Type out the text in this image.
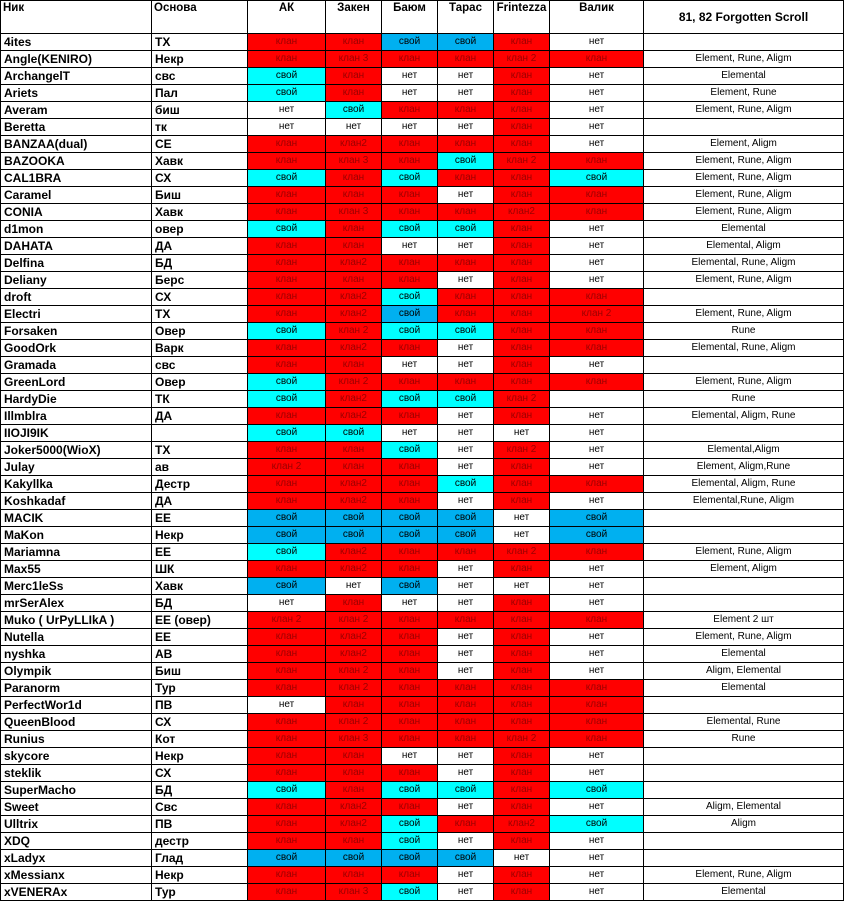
Ник	Основа	АК	Закен	Баюм	Тарас	Frintezza	Валик	81, 82 Forgotten Scroll
4ites	ТХ	клан	клан	свой	свой	клан	нет	
Angle(KENIRO)	Некр	клан	клан 3	клан	клан	клан 2	клан	Element, Rune, Aligm
ArchangelT	свс	свой	клан	нет	нет	клан	нет	Elemental
Ariets	Пал	свой	клан	нет	нет	клан	нет	Element, Rune
Averam	биш	нет	свой	клан	клан	клан	нет	Element, Rune, Aligm
Beretta	тк	нет	нет	нет	нет	клан	нет	
BANZAA(dual)	СЕ	клан	клан2	клан	клан	клан	нет	Element, Aligm
BAZOOKA	Хавк	клан	клан 3	клан	свой	клан 2	клан	Element, Rune, Aligm
CAL1BRA	СХ	свой	клан	свой	клан	клан	свой	Element, Rune, Aligm
Caramel	Биш	клан	клан	клан	нет	клан	клан	Element, Rune, Aligm
CONIA	Хавк	клан	клан 3	клан	клан	клан2	клан	Element, Rune, Aligm
d1mon	овер	свой	клан	свой	свой	клан	нет	Elemental
DAHATA	ДА	клан	клан	нет	нет	клан	нет	Elemental, Aligm
Delfina	БД	клан	клан2	клан	клан	клан	нет	Elemental, Rune, Aligm
Deliany	Берс	клан	клан	клан	нет	клан	нет	Element, Rune, Aligm
droft	СХ	клан	клан2	свой	клан	клан	клан	
Electri	ТХ	клан	клан2	свой	клан	клан	клан 2	Element, Rune, Aligm
Forsaken	Овер	свой	клан 2	свой	свой	клан	клан	Rune
GoodOrk	Варк	клан	клан2	клан	нет	клан	клан	Elemental, Rune, Aligm
Gramada	свс	клан	клан	нет	нет	клан	нет	
GreenLord	Овер	свой	клан 2	клан	клан	клан	клан	Element, Rune, Aligm
HardyDie	ТК	свой	клан2	свой	свой	клан 2		Rune
Illmblra	ДА	клан	клан2	клан	нет	клан	нет	Elemental, Aligm, Rune
IIOJI9IK		свой	свой	нет	нет	нет	нет	
Joker5000(WioX)	ТХ	клан	клан	свой	нет	клан 2	нет	Elemental,Aligm
Julay	ав	клан 2	клан	клан	нет	клан	нет	Element, Aligm,Rune
Kakyllka	Дестр	клан	клан2	клан	свой	клан	клан	Elemental, Aligm, Rune
Koshkadaf	ДА	клан	клан2	клан	нет	клан	нет	Elemental,Rune, Aligm
MACIK	ЕЕ	свой	свой	свой	свой	нет	свой	
MaKon	Некр	свой	свой	свой	свой	нет	свой	
Mariamna	ЕЕ	свой	клан2	клан	клан	клан 2	клан	Element, Rune, Aligm
Max55	ШК	клан	клан2	клан	нет	клан	нет	Element, Aligm
Merc1leSs	Хавк	свой	нет	свой	нет	нет	нет	
mrSerAlex	БД	нет	клан	нет	нет	клан	нет	
Muko ( UrPyLLIkA )	ЕЕ (овер)	клан 2	клан 2	клан	клан	клан	клан	Element 2 шт
Nutella	ЕЕ	клан	клан2	клан	нет	клан	нет	Element, Rune, Aligm
nyshka	АВ	клан	клан2	клан	нет	клан	нет	Elemental
Olympik	Биш	клан	клан 2	клан	нет	клан	нет	Aligm, Elemental
Paranorm	Тур	клан	клан 2	клан	клан	клан	клан	Elemental
PerfectWor1d	ПВ	нет	клан	клан	клан	клан	клан	
QueenBlood	СХ	клан	клан 2	клан	клан	клан	клан	Elemental, Rune
Runius	Кот	клан	клан 3	клан	клан	клан 2	клан	Rune
skycore	Некр	клан	клан	нет	нет	клан	нет	
steklik	СХ	клан	клан	клан	нет	клан	нет	
SuperMacho	БД	свой	клан	свой	свой	клан	свой	
Sweet	Свс	клан	клан2	клан	нет	клан	нет	Aligm, Elemental
Ulltrix	ПВ	клан	клан2	свой	клан	клан2	свой	Aligm
XDQ	дестр	клан	клан	свой	нет	клан	нет	
xLadyx	Глад	свой	свой	свой	свой	нет	нет	
xMessianx	Некр	клан	клан	клан	нет	клан	нет	Element, Rune, Aligm
xVENERAx	Тур	клан	клан 3	свой	нет	клан	нет	Elemental
